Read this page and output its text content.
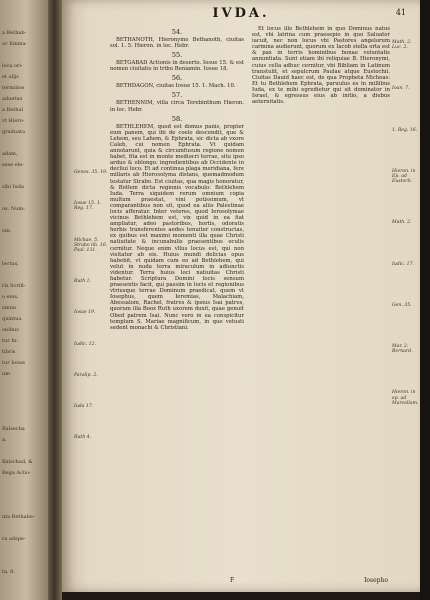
a Bethab-
oc Emma-
loca ori-
et alijs
terminos
aduetus
a Bethul
vt Hiero-
graduata
adam,
esse ele-
sibi Iuda
os. Num-
om.
lectus,
ris Scrifl-
o eius,
omne
quintus.
onibus
tur In-
tibris
tur Iosue
um
Balsecha
a.
Balschad, &
Bega Aclio-
nta Bethabe-
ra adspe-
ta. 8.
IVDA.	41
Genes. 35. 19.
Iosue 15. 1. Reg. 17.
Michae. 5. Strabo lib. 16. Psal. 131.
Ruth 1.
Iosue 19.
Iudic. 12.
Paralip. 2.
Iuda 17.
Ruth 4.
54.

BETHANOTH, Hieronymo Bethanoth, ciuitas sol. 1. 5. Hieron. in loc. Hebr.

55.

BETGABAD Actionis in deserto. Iosue 15. & est nomen ciuitatis in tribu Beniamin. Iosue 18.

56.

BETHDAGON, ciuitas Iosue 15. 1. Mach. 10.

57.

BETHENNIM, villa circa Terebinthum Hieron. in loc. Hebr.

58.

BETHLEHEM, quod est domus panis, propter eum panem, qui ibi de coelo descendit, que & Lehem, seu Lahem, & Ephrata, sic dicta ab vxore Caleb, cui nomen Ephrata. Vt quidam annotarunt, quia & circumfusum regione nomen habet, fita est in monte mediocri terrae, situ ipso arduo & oblongo: ingredientibus ab Occidente in decliui loco. Et ad continua plaga meridiana, fere millaris ab Hierosolyma distans, quemadmodum testatur Strabo. Est ciuitas, qua magis honoratur, & Betlem dicta regionis vocabulo: Bethlehem Iuda. Terra siquidem rerum omnium copia multum praestat, vini potissimum, vt comparantibus non sit, quod ea aliis Palestinae locis afferatur. Inter veteres, quod Ierosolymae vicinus Bethlehem est, vix quid in ea fiat ampliatur, adeo pastoribus, hortis, odoratis herbis transferentes aedes tenuiter constructas, ex quibus est maximi momenti illa quae Christi natiuitate & incunabulis praesentibus oculis cernitur. Neque enim vllus locus est, qui non visitatur ab eis. Huius mundi delicias opus habebit, vt quidam cum eo ad Bethlehem, qui velut in nuda terra miraculum in adiunctis videntur. Terra huius loci natiuitas Christi habetur. Scriptura Domini locis sensum praesentis facit, qui passim in locis et regionibus vtriusque terrae Dominum praedicat, quem vt Iosephus, quem Ieremias, Malachiam, Abessalom, Rachel, fratres & ipsius Isai patres, quorum illa Booz Ruth uxorem duxit, quae genuit Obed patrem Isai. Nunc vero in ea conspicitur templum S. Mariae magnificum, in quo vetusti sedent monachi & Christiani.

Et locus ille Bethlehem in quo Dominus natus est, vbi latrina cum praesepio in quo Saluator iacuit, nec non locus vbi Pastores angelorum carmina audierunt, quorum ex Iacob stella orta est & pax in terris hominibus bonae voluntatis annuntiata. Sunt etiam ibi reliquiae B. Hieronymi, cuius cella adhuc cernitur, vbi Bibliam in Latinum transtulit, et sepulcrum Paulae atque Eustochii. Ciuitas Dauid haec est, de qua Propheta Micheas: Et tu Bethlehem Ephrata, paruulus es in millibus Iuda, ex te mihi egredietur qui sit dominator in Israel, & egressus eius ab initio, a diebus aeternitatis.

Math. 2. Luc. 2.
Ioan. 7.
1. Reg. 16.
Hieron. in Ep. ad Eustoch.
Math. 2.
Iudic. 17.
Gen. 35.
Mar. 2. Bernard.
Hieron. in ep. ad Marcellam.
F	Iosepho
